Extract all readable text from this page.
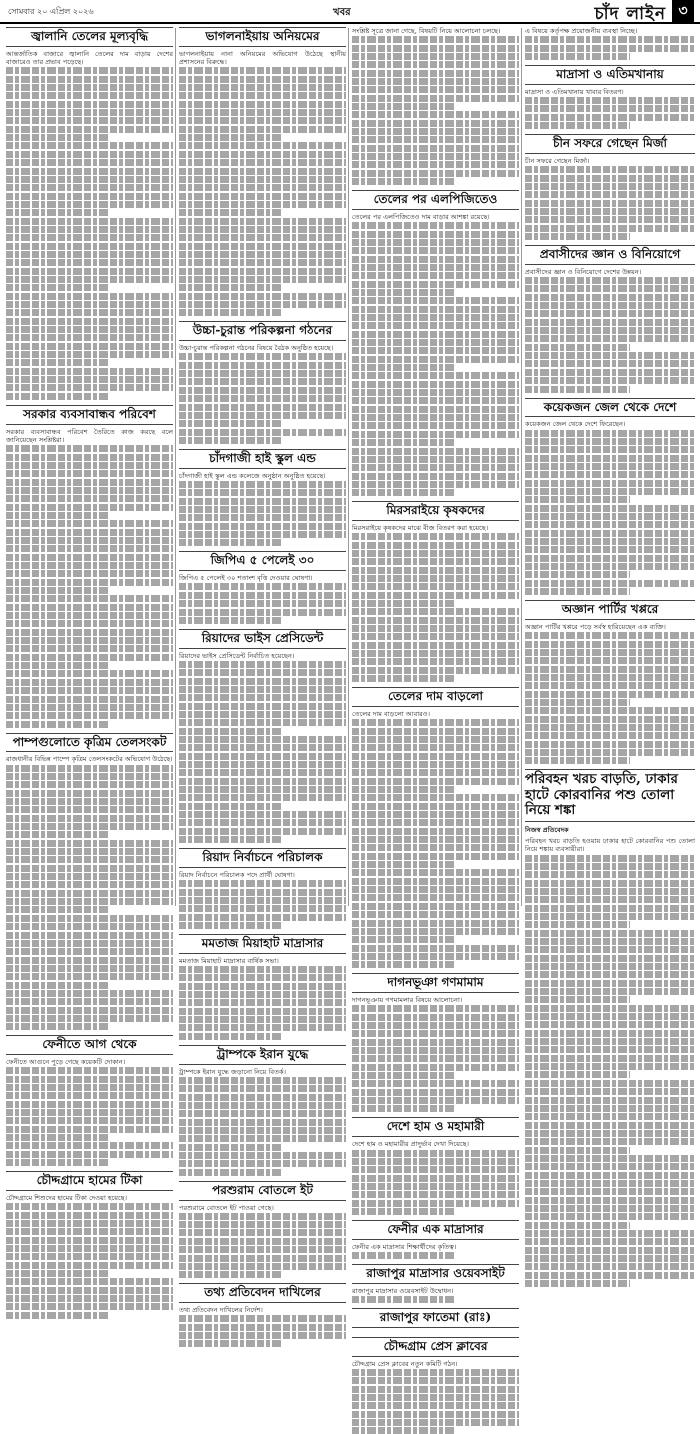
সোমবার ২০ এপ্রিল ২০২৬	খবর	চাঁদ লাইন ৩
জ্বালানি তেলের মূল্যবৃদ্ধি
আন্তর্জাতিক বাজারে জ্বালানি তেলের দাম বাড়ায় দেশের বাজারেও তার প্রভাব পড়েছে।
সরকার ব্যবসাবান্ধব পরিবেশ
সরকার ব্যবসাবান্ধব পরিবেশ তৈরিতে কাজ করছে বলে জানিয়েছেন সংশ্লিষ্টরা।
পাম্পগুলোতে কৃত্রিম তেলসংকট
রাজধানীর বিভিন্ন পাম্পে কৃত্রিম তেলসংকটের অভিযোগ উঠেছে।
ফেনীতে আগ থেকে
ফেনীতে আগুনে পুড়ে গেছে কয়েকটি দোকান।
চৌদ্দগ্রামে হামের টিকা
চৌদ্দগ্রামে শিশুদের হামের টিকা দেওয়া হয়েছে।
ভাগলনাইয়ায় অনিয়মের
ভাগলনাইয়ায় নানা অনিয়মের অভিযোগ উঠেছে স্থানীয় প্রশাসনের বিরুদ্ধে।
উচ্চা-চুরান্ত পরিকল্পনা গঠনের
উচ্চা-চুরান্ত পরিকল্পনা গঠনের বিষয়ে বৈঠক অনুষ্ঠিত হয়েছে।
চাঁদগাজী হাই স্কুল এন্ড
চাঁদগাজী হাই স্কুল এন্ড কলেজে অনুষ্ঠান অনুষ্ঠিত হয়েছে।
জিপিএ ৫ পেলেই ৩০
জিপিএ ৫ পেলেই ৩০ শতাংশ বৃত্তি দেওয়ার ঘোষণা।
রিয়াদের ভাইস প্রেসিডেন্ট
রিয়াদের ভাইস প্রেসিডেন্ট নির্বাচিত হয়েছেন।
রিয়াদ নির্বাচনে পরিচালক
রিয়াদ নির্বাচনে পরিচালক পদে প্রার্থী ঘোষণা।
মমতাজ মিয়াহাট মাদ্রাসার
মমতাজ মিয়াহাট মাদ্রাসার বার্ষিক সভা।
ট্রাম্পকে ইরান যুদ্ধে
ট্রাম্পকে ইরান যুদ্ধে জড়ানো নিয়ে বিতর্ক।
পরশুরাম বোতলে ইট
পরশুরামে বোতলে ইট পাওয়া গেছে।
তথ্য প্রতিবেদন দাখিলের
তথ্য প্রতিবেদন দাখিলের নির্দেশ।
সংশ্লিষ্ট সূত্রে জানা গেছে, বিষয়টি নিয়ে আলোচনা চলছে।
তেলের পর এলপিজিতেও
তেলের পর এলপিজিতেও দাম বাড়ার আশঙ্কা রয়েছে।
মিরসরাইয়ে কৃষকদের
মিরসরাইয়ে কৃষকদের মাঝে বীজ বিতরণ করা হয়েছে।
তেলের দাম বাড়লো
তেলের দাম বাড়লো আবারও।
দাগনভূঞা গণমামাম
দাগনভূঞায় গণমামলার বিষয়ে আলোচনা।
দেশে হাম ও মহামারী
দেশে হাম ও মহামারীর প্রাদুর্ভাব দেখা দিয়েছে।
ফেনীর এক মাদ্রাসার
ফেনীর এক মাদ্রাসার শিক্ষার্থীদের কৃতিত্ব।
রাজাপুর মাদ্রাসার ওয়েবসাইট
রাজাপুর মাদ্রাসার ওয়েবসাইট উদ্বোধন।
রাজাপুর ফাতেমা (রাঃ)
চৌদ্দগ্রাম প্রেস ক্লাবের
চৌদ্দগ্রাম প্রেস ক্লাবের নতুন কমিটি গঠন।
এ বিষয়ে কর্তৃপক্ষ প্রয়োজনীয় ব্যবস্থা নিচ্ছে।
মাদ্রাসা ও এতিমখানায়
মাদ্রাসা ও এতিমখানায় খাবার বিতরণ।
চীন সফরে গেছেন মির্জা
চীন সফরে গেছেন মির্জা।
প্রবাসীদের জ্ঞান ও বিনিয়োগে
প্রবাসীদের জ্ঞান ও বিনিয়োগে দেশের উন্নয়ন।
কয়েকজন জেল থেকে দেশে
কয়েকজন জেল থেকে দেশে ফিরেছেন।
অজ্ঞান পার্টির খপ্পরে
অজ্ঞান পার্টির খপ্পরে পড়ে সর্বস্ব হারিয়েছেন এক ব্যক্তি।
পরিবহন খরচ বাড়তি, ঢাকার হাটে কোরবানির পশু তোলা নিয়ে শঙ্কা
নিজস্ব প্রতিবেদক
পরিবহন খরচ বাড়তি হওয়ায় ঢাকার হাটে কোরবানির পশু তোলা নিয়ে শঙ্কায় ব্যবসায়ীরা।
